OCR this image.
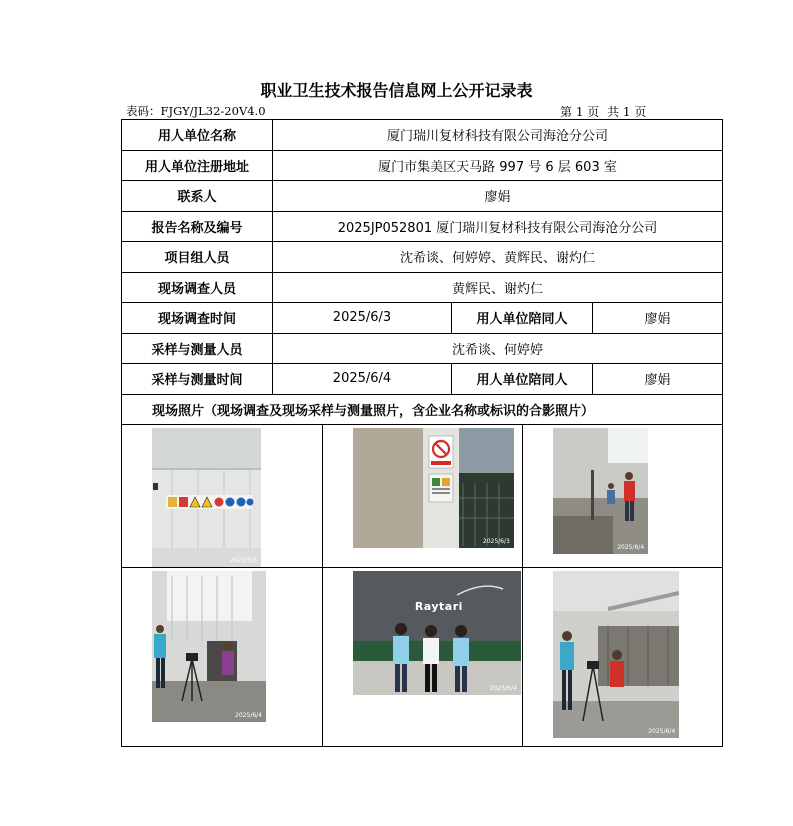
职业卫生技术报告信息网上公开记录表
表码：FJGY/JL32-20V4.0	第 1 页 共 1 页
用人单位名称	厦门瑞川复材科技有限公司海沧分公司
用人单位注册地址	厦门市集美区天马路 997 号 6 层 603 室
联系人	廖娟
报告名称及编号	2025JP052801 厦门瑞川复材科技有限公司海沧分公司
项目组人员	沈希谈、何婷婷、黄辉民、谢灼仁
现场调查人员	黄辉民、谢灼仁
现场调查时间	2025/6/3	用人单位陪同人	廖娟
采样与测量人员	沈希谈、何婷婷
采样与测量时间	2025/6/4	用人单位陪同人	廖娟
现场照片（现场调查及现场采样与测量照片，含企业名称或标识的合影照片）

2025/6/3

2025/6/3

2025/6/4

2025/6/4

Raytari
2025/6/4

2025/6/4
